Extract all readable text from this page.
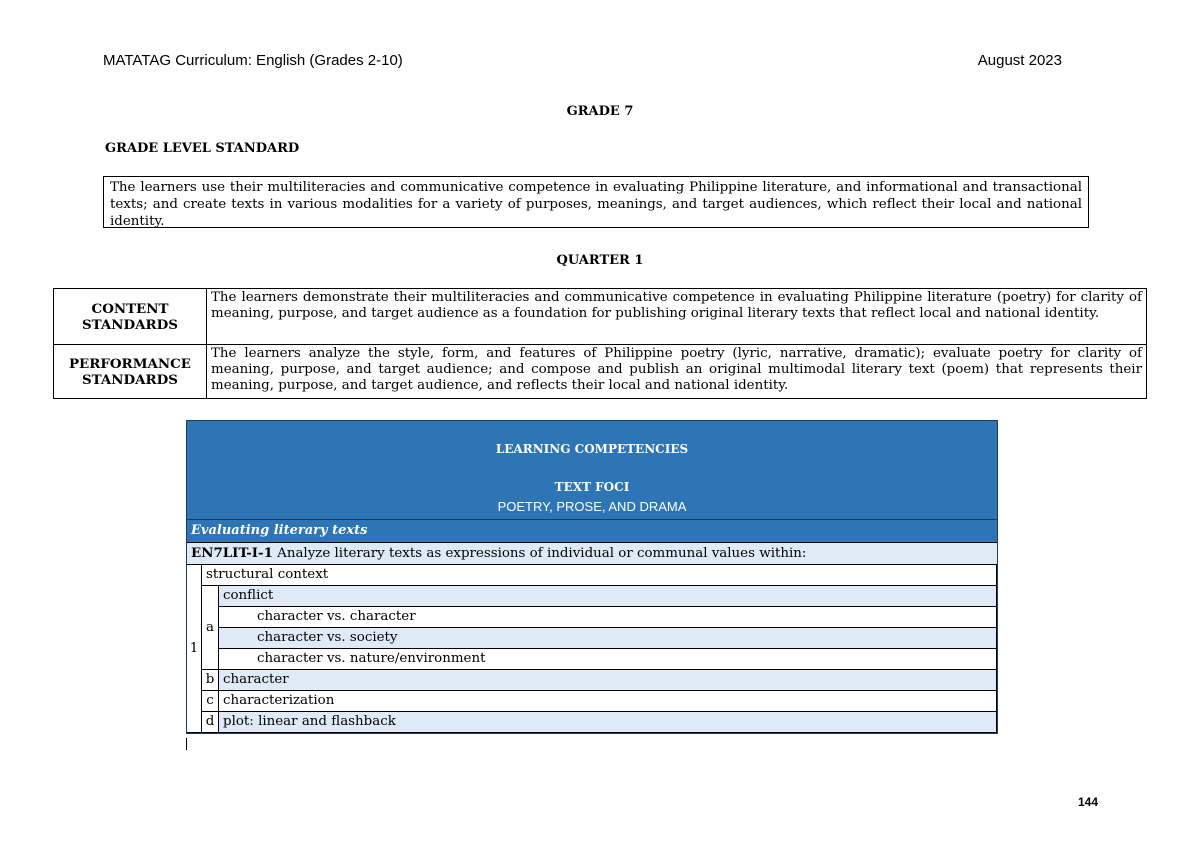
MATATAG Curriculum: English (Grades 2-10)	August 2023
GRADE 7
GRADE LEVEL STANDARD
The learners use their multiliteracies and communicative competence in evaluating Philippine literature, and informational and transactional texts; and create texts in various modalities for a variety of purposes, meanings, and target audiences, which reflect their local and national identity.
QUARTER 1
CONTENT
STANDARDS	The learners demonstrate their multiliteracies and communicative competence in evaluating Philippine literature (poetry) for clarity of meaning, purpose, and target audience as a foundation for publishing original literary texts that reflect local and national identity.

PERFORMANCE
STANDARDS	The learners analyze the style, form, and features of Philippine poetry (lyric, narrative, dramatic); evaluate poetry for clarity of meaning, purpose, and target audience; and compose and publish an original multimodal literary text (poem) that represents their meaning, purpose, and target audience, and reflects their local and national identity.
LEARNING COMPETENCIES
TEXT FOCI
POETRY, PROSE, AND DRAMA
Evaluating literary texts
EN7LIT-I-1 Analyze literary texts as expressions of individual or communal values within:
1	structural context	
	a	conflict
		character vs. character
		character vs. society
		character vs. nature/environment
	b	character
	c	characterization
	d	plot: linear and flashback
144
